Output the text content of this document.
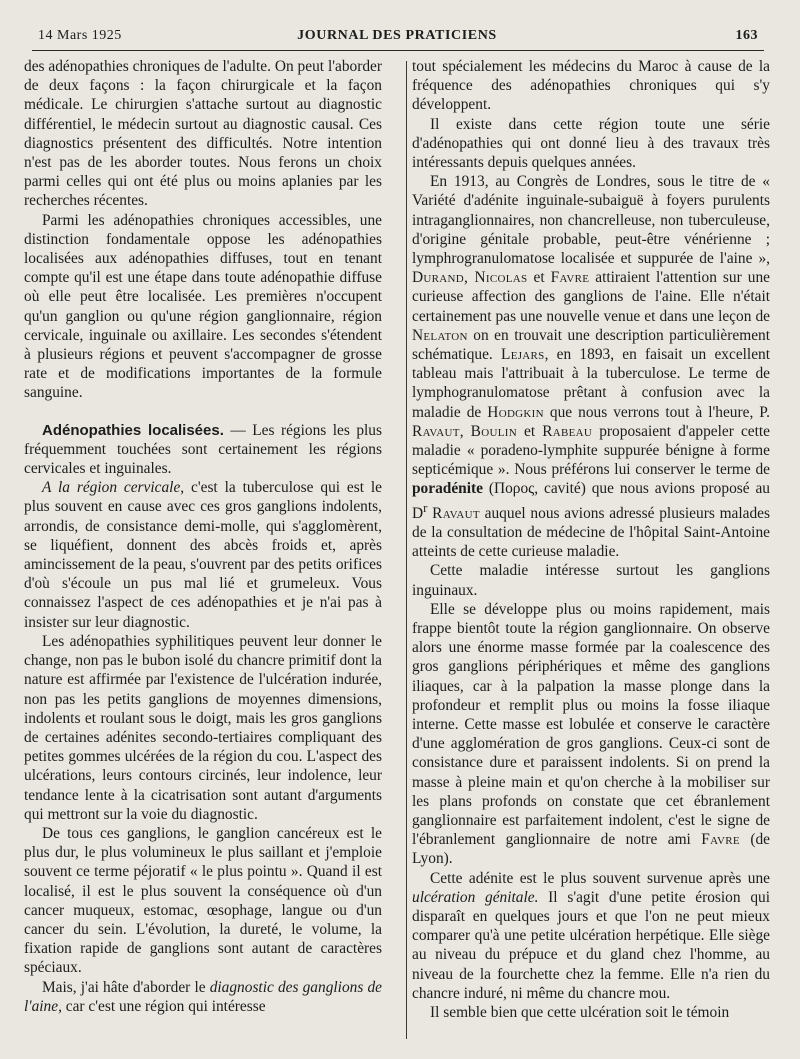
14 Mars 1925	JOURNAL DES PRATICIENS	163

des adénopathies chroniques de l'adulte. On peut l'aborder de deux façons : la façon chirurgicale et la façon médicale. Le chirurgien s'attache surtout au diagnostic différentiel, le médecin surtout au diagnostic causal. Ces diagnostics présentent des difficultés. Notre intention n'est pas de les aborder toutes. Nous ferons un choix parmi celles qui ont été plus ou moins aplanies par les recherches récentes.

Parmi les adénopathies chroniques accessibles, une distinction fondamentale oppose les adénopathies localisées aux adénopathies diffuses, tout en tenant compte qu'il est une étape dans toute adénopathie diffuse où elle peut être localisée. Les premières n'occupent qu'un ganglion ou qu'une région ganglionnaire, région cervicale, inguinale ou axillaire. Les secondes s'étendent à plusieurs régions et peuvent s'accompagner de grosse rate et de modifications importantes de la formule sanguine.

Adénopathies localisées. — Les régions les plus fréquemment touchées sont certainement les régions cervicales et inguinales.

A la région cervicale, c'est la tuberculose qui est le plus souvent en cause avec ces gros ganglions indolents, arrondis, de consistance demi-molle, qui s'agglomèrent, se liquéfient, donnent des abcès froids et, après amincissement de la peau, s'ouvrent par des petits orifices d'où s'écoule un pus mal lié et grumeleux. Vous connaissez l'aspect de ces adénopathies et je n'ai pas à insister sur leur diagnostic.

Les adénopathies syphilitiques peuvent leur donner le change, non pas le bubon isolé du chancre primitif dont la nature est affirmée par l'existence de l'ulcération indurée, non pas les petits ganglions de moyennes dimensions, indolents et roulant sous le doigt, mais les gros ganglions de certaines adénites secondo-tertiaires compliquant des petites gommes ulcérées de la région du cou. L'aspect des ulcérations, leurs contours circinés, leur indolence, leur tendance lente à la cicatrisation sont autant d'arguments qui mettront sur la voie du diagnostic.

De tous ces ganglions, le ganglion cancéreux est le plus dur, le plus volumineux le plus saillant et j'emploie souvent ce terme péjoratif « le plus pointu ». Quand il est localisé, il est le plus souvent la conséquence où d'un cancer muqueux, estomac, œsophage, langue ou d'un cancer du sein. L'évolution, la dureté, le volume, la fixation rapide de ganglions sont autant de caractères spéciaux.

Mais, j'ai hâte d'aborder le diagnostic des ganglions de l'aine, car c'est une région qui intéresse

tout spécialement les médecins du Maroc à cause de la fréquence des adénopathies chroniques qui s'y développent.

Il existe dans cette région toute une série d'adénopathies qui ont donné lieu à des travaux très intéressants depuis quelques années.

En 1913, au Congrès de Londres, sous le titre de « Variété d'adénite inguinale-subaiguë à foyers purulents intraganglionnaires, non chancrelleuse, non tuberculeuse, d'origine génitale probable, peut-être vénérienne ; lymphrogranulomatose localisée et suppurée de l'aine », Durand, Nicolas et Favre attiraient l'attention sur une curieuse affection des ganglions de l'aine. Elle n'était certainement pas une nouvelle venue et dans une leçon de Nelaton on en trouvait une description particulièrement schématique. Lejars, en 1893, en faisait un excellent tableau mais l'attribuait à la tuberculose. Le terme de lymphogranulomatose prêtant à confusion avec la maladie de Hodgkin que nous verrons tout à l'heure, P. Ravaut, Boulin et Rabeau proposaient d'appeler cette maladie « poradeno-lymphite suppurée bénigne à forme septicémique ». Nous préférons lui conserver le terme de poradénite (Πορος, cavité) que nous avions proposé au $D^r$ Ravaut auquel nous avions adressé plusieurs malades de la consultation de médecine de l'hôpital Saint-Antoine atteints de cette curieuse maladie.

Cette maladie intéresse surtout les ganglions inguinaux.

Elle se développe plus ou moins rapidement, mais frappe bientôt toute la région ganglionnaire. On observe alors une énorme masse formée par la coalescence des gros ganglions périphériques et même des ganglions iliaques, car à la palpation la masse plonge dans la profondeur et remplit plus ou moins la fosse iliaque interne. Cette masse est lobulée et conserve le caractère d'une agglomération de gros ganglions. Ceux-ci sont de consistance dure et paraissent indolents. Si on prend la masse à pleine main et qu'on cherche à la mobiliser sur les plans profonds on constate que cet ébranlement ganglionnaire est parfaitement indolent, c'est le signe de l'ébranlement ganglionnaire de notre ami Favre (de Lyon).

Cette adénite est le plus souvent survenue après une ulcération génitale. Il s'agit d'une petite érosion qui disparaît en quelques jours et que l'on ne peut mieux comparer qu'à une petite ulcération herpétique. Elle siège au niveau du prépuce et du gland chez l'homme, au niveau de la fourchette chez la femme. Elle n'a rien du chancre induré, ni même du chancre mou.

Il semble bien que cette ulcération soit le témoin
